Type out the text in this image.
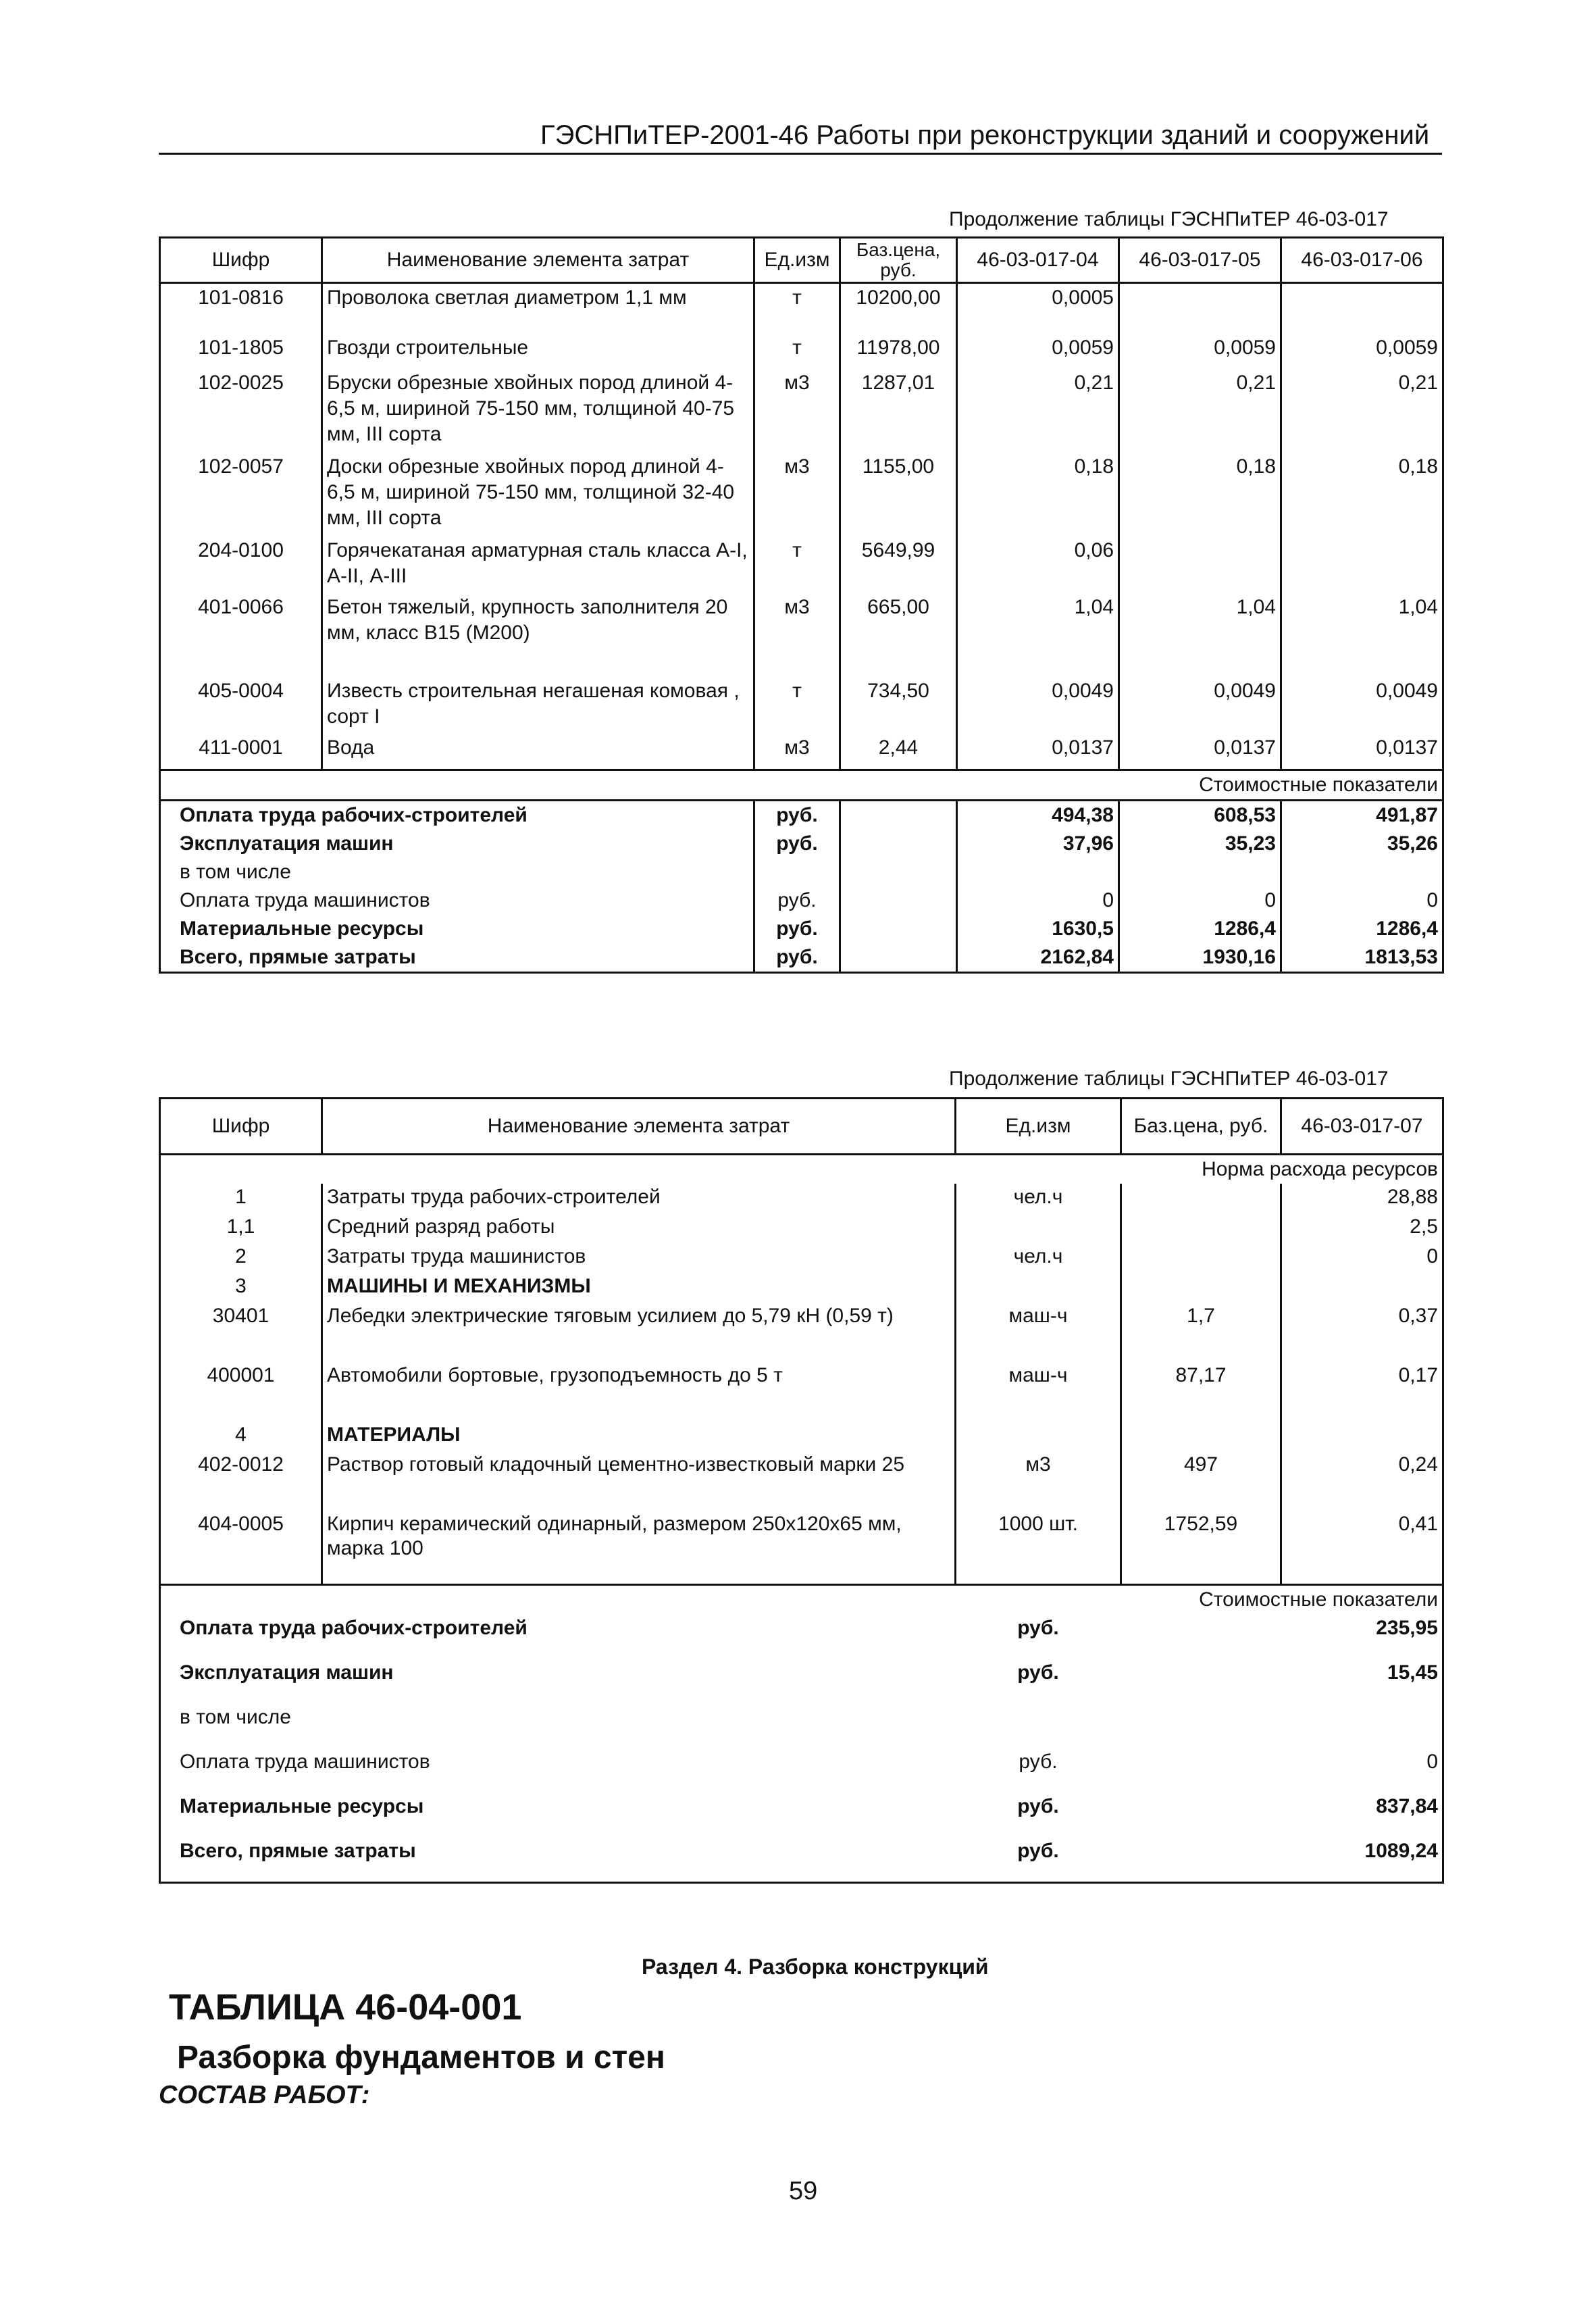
ГЭСНПиТЕР-2001-46 Работы при реконструкции зданий и сооружений
Продолжение таблицы ГЭСНПиТЕР 46-03-017
Шифр	Наименование элемента затрат	Ед.изм	Баз.цена, руб.	46-03-017-04	46-03-017-05	46-03-017-06
101-0816	Проволока светлая диаметром 1,1 мм	т	10200,00	0,0005		
101-1805	Гвозди строительные	т	11978,00	0,0059	0,0059	0,0059
102-0025	Бруски обрезные хвойных пород длиной 4-6,5 м, шириной 75-150 мм, толщиной 40-75 мм, III сорта	м3	1287,01	0,21	0,21	0,21
102-0057	Доски обрезные хвойных пород длиной 4-6,5 м, шириной 75-150 мм, толщиной 32-40 мм, III сорта	м3	1155,00	0,18	0,18	0,18
204-0100	Горячекатаная арматурная сталь класса А-I, А-II, А-III	т	5649,99	0,06		
401-0066	Бетон тяжелый, крупность заполнителя 20 мм, класс В15 (М200)	м3	665,00	1,04	1,04	1,04
405-0004	Известь строительная негашеная комовая , сорт I	т	734,50	0,0049	0,0049	0,0049
411-0001	Вода	м3	2,44	0,0137	0,0137	0,0137
Стоимостные показатели						
Оплата труда рабочих-строителей		руб.		494,38	608,53	491,87
Эксплуатация машин		руб.		37,96	35,23	35,26
в том числе						
Оплата труда машинистов		руб.		0	0	0
Материальные ресурсы		руб.		1630,5	1286,4	1286,4
Всего, прямые затраты		руб.		2162,84	1930,16	1813,53
Продолжение таблицы ГЭСНПиТЕР 46-03-017
Шифр	Наименование элемента затрат	Ед.изм	Баз.цена, руб.	46-03-017-07
Норма расхода ресурсов				
1	Затраты труда рабочих-строителей	чел.ч		28,88
1,1	Средний разряд работы			2,5
2	Затраты труда машинистов	чел.ч		0
3	МАШИНЫ И МЕХАНИЗМЫ			
30401	Лебедки электрические тяговым усилием до 5,79 кН (0,59 т)	маш-ч	1,7	0,37
400001	Автомобили бортовые, грузоподъемность до 5 т	маш-ч	87,17	0,17
4	МАТЕРИАЛЫ			
402-0012	Раствор готовый кладочный цементно-известковый марки 25	м3	497	0,24
404-0005	Кирпич керамический одинарный, размером 250х120х65 мм, марка 100	1000 шт.	1752,59	0,41
Стоимостные показатели				
Оплата труда рабочих-строителей		руб.		235,95
Эксплуатация машин		руб.		15,45
в том числе				
Оплата труда машинистов		руб.		0
Материальные ресурсы		руб.		837,84
Всего, прямые затраты		руб.		1089,24
Раздел 4. Разборка конструкций
ТАБЛИЦА 46-04-001
Разборка фундаментов и стен
СОСТАВ РАБОТ:
59
